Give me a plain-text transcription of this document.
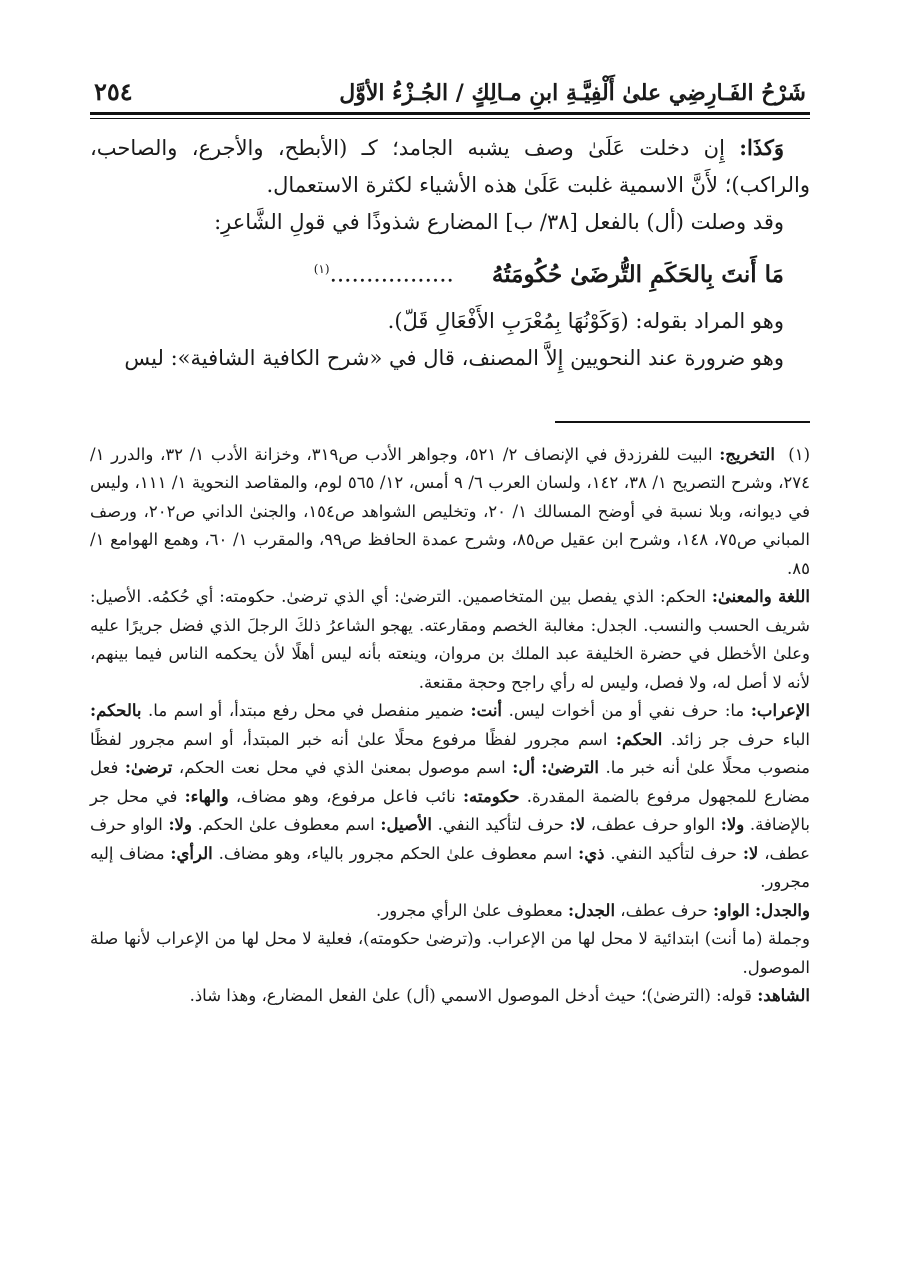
شَرْحُ الفَـارِضِي علىٰ أَلْفِيَّـةِ ابنِ مـالِكٍ / الجُـزْءُ الأوَّل
٢٥٤

وَكذَا: إِن دخلت عَلَىٰ وصف يشبه الجامد؛ كـ (الأبطح، والأجرع، والصاحب، والراكب)؛ لأَنَّ الاسمية غلبت عَلَىٰ هذه الأشياء لكثرة الاستعمال.

وقد وصلت (أل) بالفعل [٣٨/ ب] المضارع شذوذًا في قولِ الشَّاعرِ:

مَا أَنتَ بِالحَكَمِ التُّرضَىٰ حُكُومَتُهُ
.................$^{(١)}$

وهو المراد بقوله: (وَكَوْنُهَا بِمُعْرَبِ الأَفْعَالِ قَلّ).

وهو ضرورة عند النحويين إِلاَّ المصنف، قال في «شرح الكافية الشافية»: ليس

(١)  التخريج: البيت للفرزدق في الإنصاف ٢/ ٥٢١، وجواهر الأدب ص٣١٩، وخزانة الأدب ١/ ٣٢، والدرر ١/ ٢٧٤، وشرح التصريح ١/ ٣٨، ١٤٢، ولسان العرب ٦/ ٩ أمس، ١٢/ ٥٦٥ لوم، والمقاصد النحوية ١/ ١١١، وليس في ديوانه، وبلا نسبة في أوضح المسالك ١/ ٢٠، وتخليص الشواهد ص١٥٤، والجنىٰ الداني ص٢٠٢، ورصف المباني ص٧٥، ١٤٨، وشرح ابن عقيل ص٨٥، وشرح عمدة الحافظ ص٩٩، والمقرب ١/ ٦٠، وهمع الهوامع ١/ ٨٥.

اللغة والمعنىٰ: الحكم: الذي يفصل بين المتخاصمين. الترضىٰ: أي الذي ترضىٰ. حكومته: أي حُكمُه. الأصيل: شريف الحسب والنسب. الجدل: مغالبة الخصم ومقارعته. يهجو الشاعرُ ذلكَ الرجلَ الذي فضل جريرًا عليه وعلىٰ الأخطل في حضرة الخليفة عبد الملك بن مروان، وينعته بأنه ليس أهلًا لأن يحكمه الناس فيما بينهم، لأنه لا أصل له، ولا فصل، وليس له رأي راجح وحجة مقنعة.

الإعراب: ما: حرف نفي أو من أخوات ليس. أنت: ضمير منفصل في محل رفع مبتدأ، أو اسم ما. بالحكم: الباء حرف جر زائد. الحكم: اسم مجرور لفظًا مرفوع محلًا علىٰ أنه خبر المبتدأ، أو اسم مجرور لفظًا منصوب محلًا علىٰ أنه خبر ما. الترضىٰ: أل: اسم موصول بمعنىٰ الذي في محل نعت الحكم، ترضىٰ: فعل مضارع للمجهول مرفوع بالضمة المقدرة. حكومته: نائب فاعل مرفوع، وهو مضاف، والهاء: في محل جر بالإضافة. ولا: الواو حرف عطف، لا: حرف لتأكيد النفي. الأصيل: اسم معطوف علىٰ الحكم. ولا: الواو حرف عطف، لا: حرف لتأكيد النفي. ذي: اسم معطوف علىٰ الحكم مجرور بالياء، وهو مضاف. الرأي: مضاف إليه مجرور.

والجدل: الواو: حرف عطف، الجدل: معطوف علىٰ الرأي مجرور.

وجملة (ما أنت) ابتدائية لا محل لها من الإعراب. و(ترضىٰ حكومته)، فعلية لا محل لها من الإعراب لأنها صلة الموصول.

الشاهد: قوله: (الترضىٰ)؛ حيث أدخل الموصول الاسمي (أل) علىٰ الفعل المضارع، وهذا شاذ.
